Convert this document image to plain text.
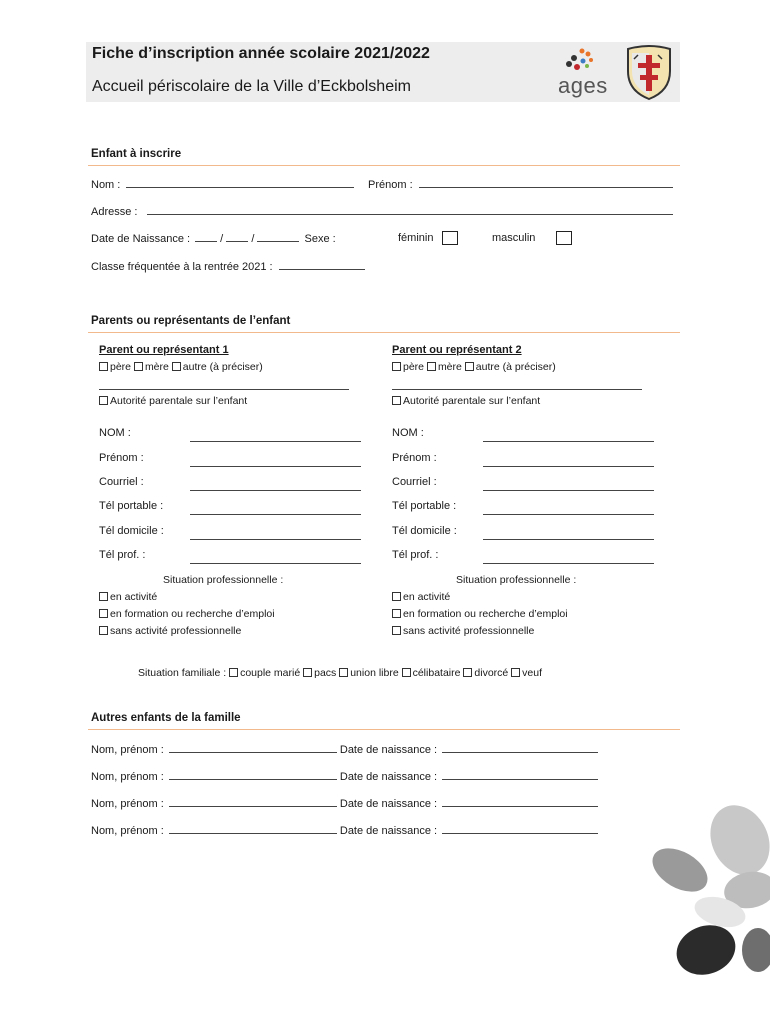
Fiche d’inscription année scolaire 2021/2022
Accueil périscolaire de la Ville d’Eckbolsheim	ages
Enfant à inscrire
Nom :	Prénom :
Adresse :
Date de Naissance :  /  /	Sexe :	féminin	masculin
Classe fréquentée à la rentrée 2021 :
Parents ou représentants de l’enfant
Parent ou représentant 1
père mère autre (à préciser)
Autorité parentale sur l’enfant
NOM :
Prénom :
Courriel :
Tél portable :
Tél domicile :
Tél prof. :
Situation professionnelle :
en activité
en formation ou recherche d’emploi
sans activité professionnelle
Parent ou représentant 2
père mère autre (à préciser)
Autorité parentale sur l’enfant
NOM :
Prénom :
Courriel :
Tél portable :
Tél domicile :
Tél prof. :
Situation professionnelle :
en activité
en formation ou recherche d’emploi
sans activité professionnelle
Situation familiale : couple marié pacs union libre célibataire divorcé veuf
Autres enfants de la famille
Nom, prénom :	Date de naissance :
Nom, prénom :	Date de naissance :
Nom, prénom :	Date de naissance :
Nom, prénom :	Date de naissance :
